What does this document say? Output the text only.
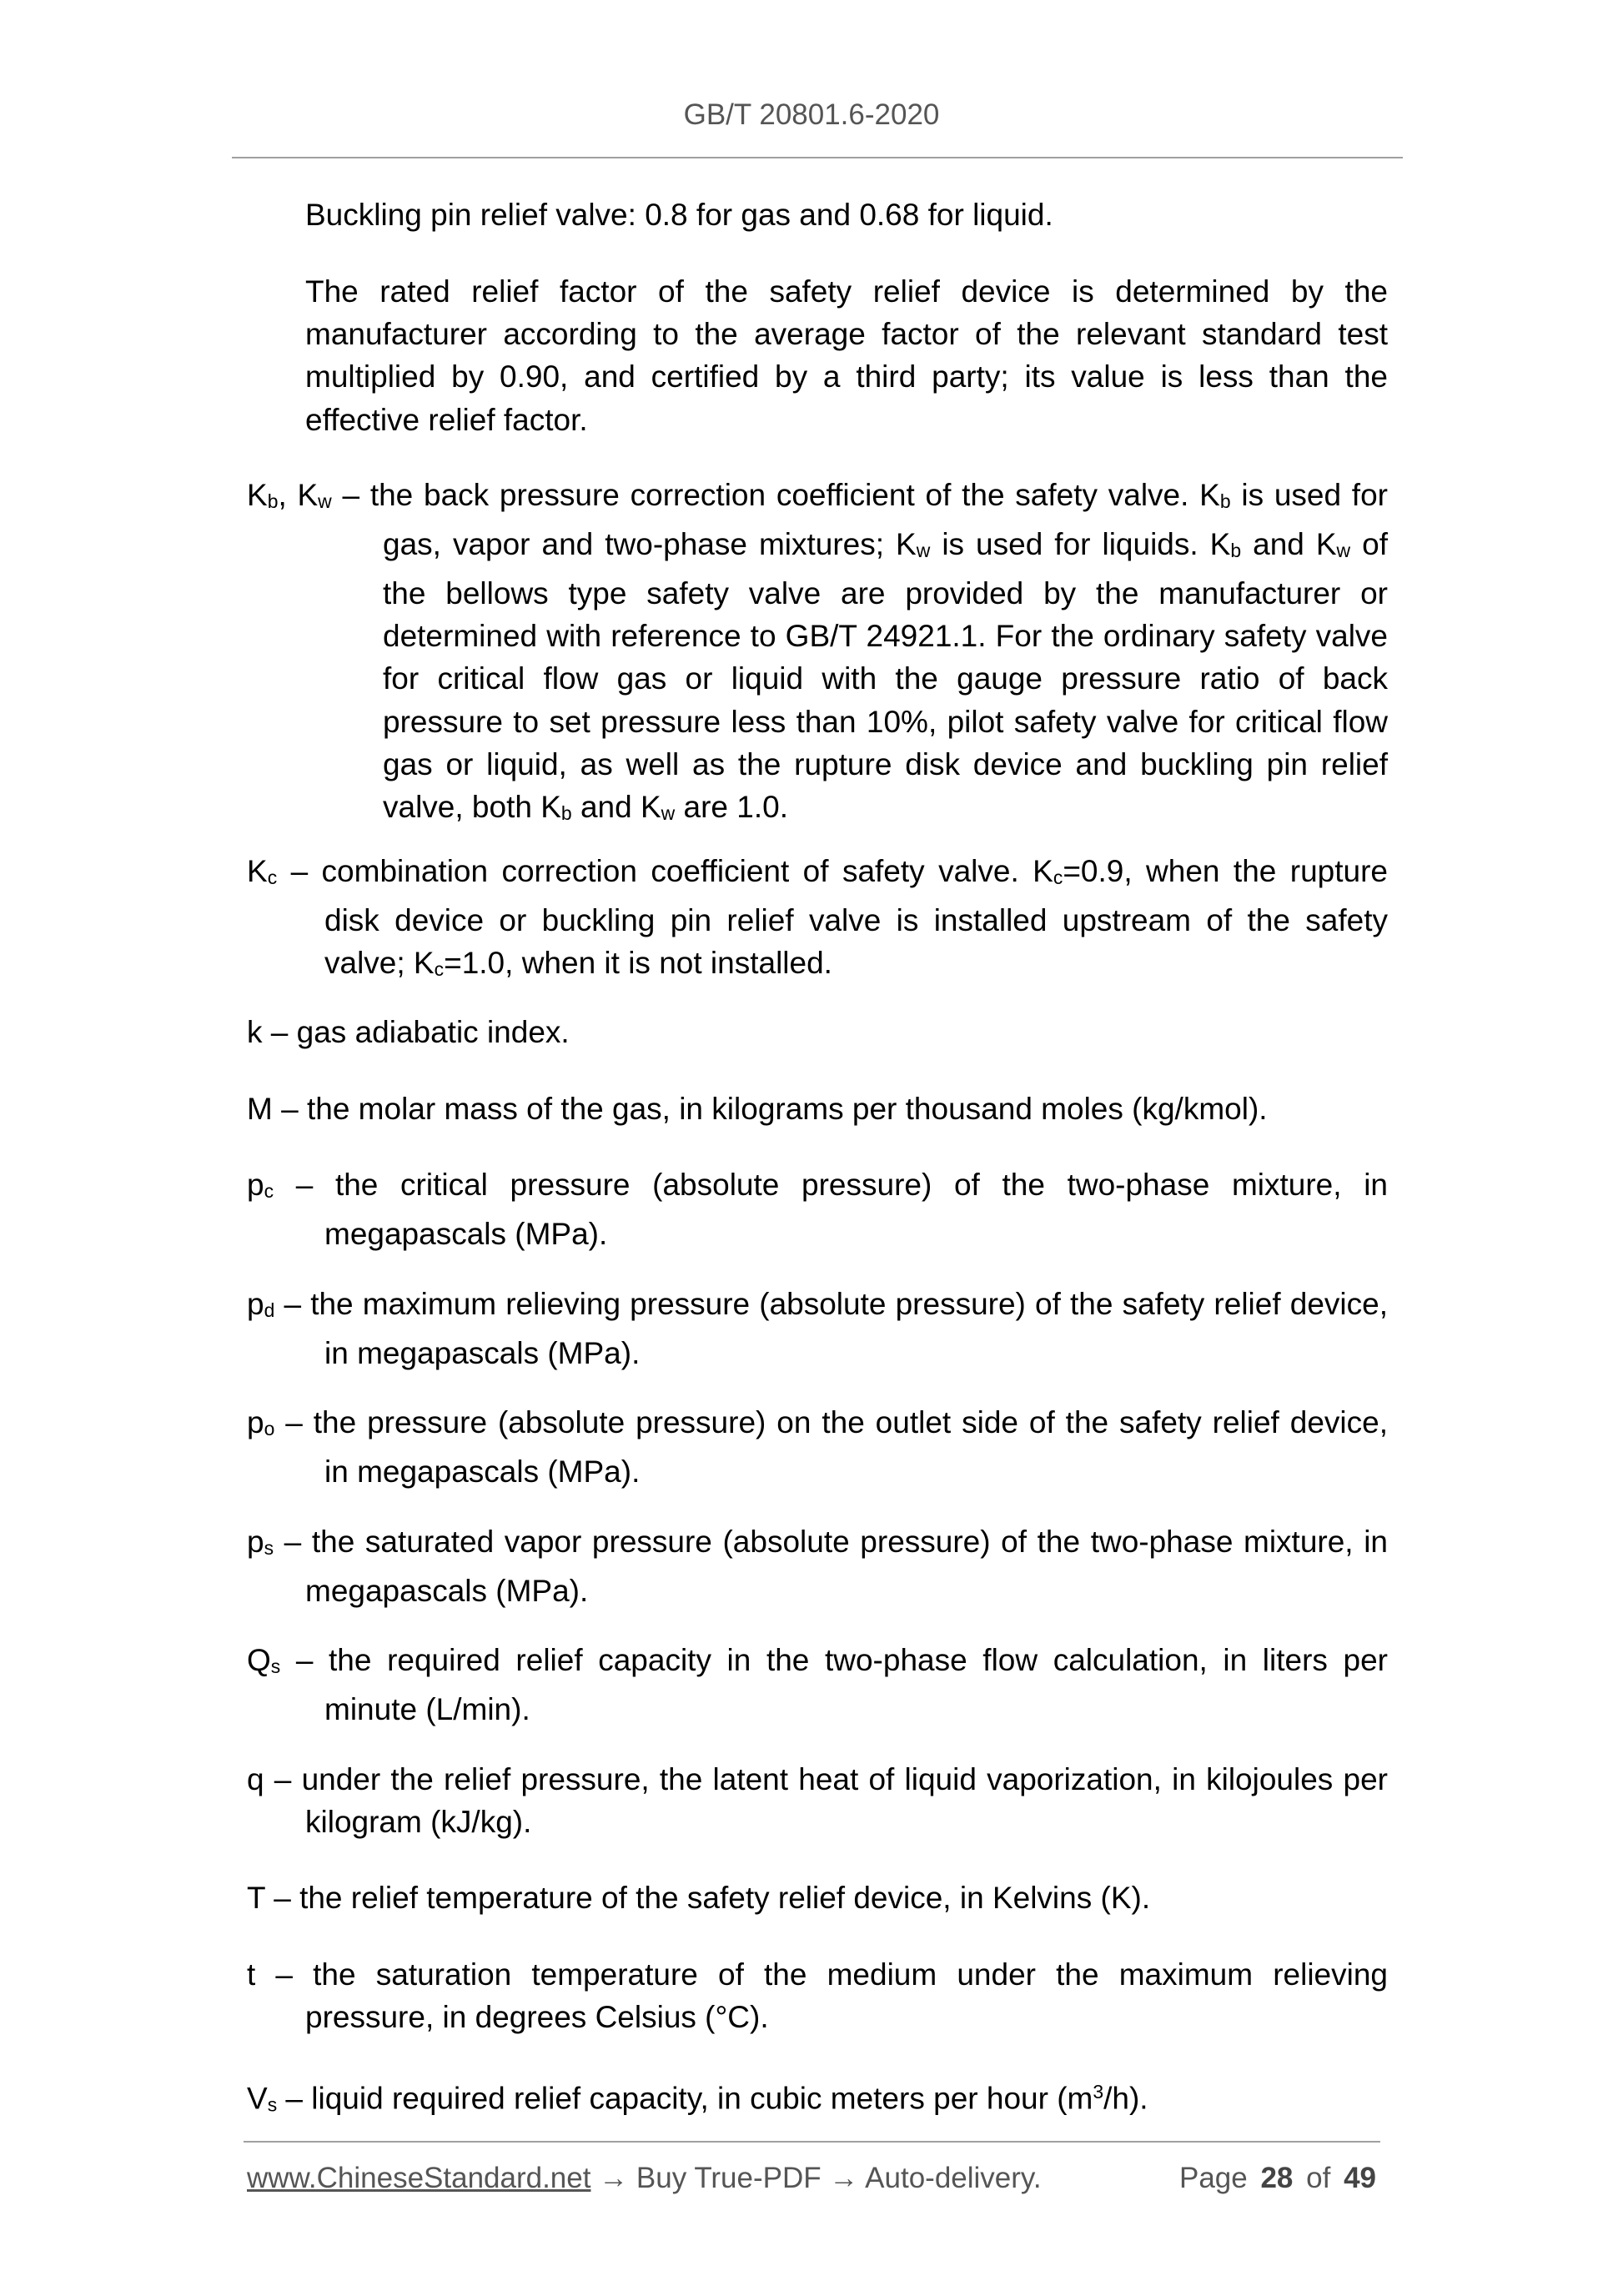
GB/T 20801.6-2020
Buckling pin relief valve: 0.8 for gas and 0.68 for liquid.
The rated relief factor of the safety relief device is determined by the manufacturer according to the average factor of the relevant standard test multiplied by 0.90, and certified by a third party; its value is less than the effective relief factor.
Kb, Kw – the back pressure correction coefficient of the safety valve. Kb is used for gas, vapor and two-phase mixtures; Kw is used for liquids. Kb and Kw of the bellows type safety valve are provided by the manufacturer or determined with reference to GB/T 24921.1. For the ordinary safety valve for critical flow gas or liquid with the gauge pressure ratio of back pressure to set pressure less than 10%, pilot safety valve for critical flow gas or liquid, as well as the rupture disk device and buckling pin relief valve, both Kb and Kw are 1.0.
Kc – combination correction coefficient of safety valve. Kc=0.9, when the rupture disk device or buckling pin relief valve is installed upstream of the safety valve; Kc=1.0, when it is not installed.
k – gas adiabatic index.
M – the molar mass of the gas, in kilograms per thousand moles (kg/kmol).
pc – the critical pressure (absolute pressure) of the two-phase mixture, in megapascals (MPa).
pd – the maximum relieving pressure (absolute pressure) of the safety relief device, in megapascals (MPa).
po – the pressure (absolute pressure) on the outlet side of the safety relief device, in megapascals (MPa).
ps – the saturated vapor pressure (absolute pressure) of the two-phase mixture, in megapascals (MPa).
Qs – the required relief capacity in the two-phase flow calculation, in liters per minute (L/min).
q – under the relief pressure, the latent heat of liquid vaporization, in kilojoules per kilogram (kJ/kg).
T – the relief temperature of the safety relief device, in Kelvins (K).
t – the saturation temperature of the medium under the maximum relieving pressure, in degrees Celsius (°C).
Vs – liquid required relief capacity, in cubic meters per hour $(m^3/h)$.
www.ChineseStandard.net → Buy True-PDF → Auto-delivery.	Page 28 of 49
